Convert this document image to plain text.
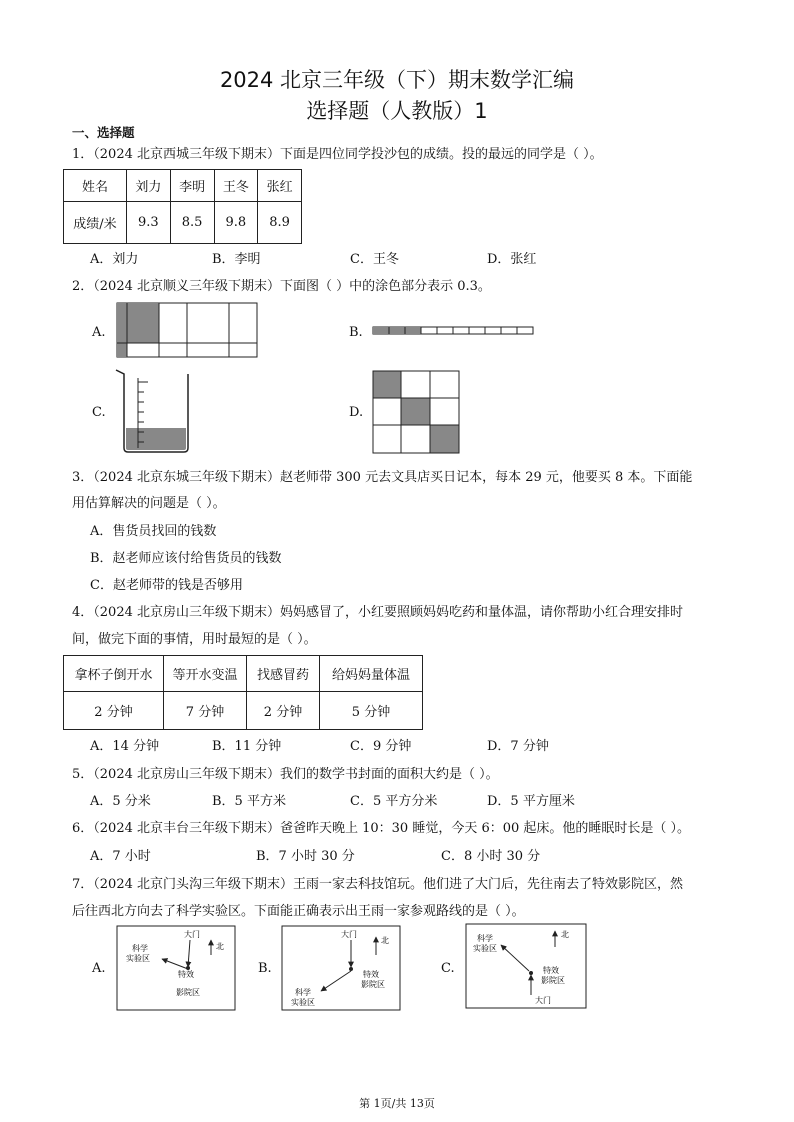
2024 北京三年级（下）期末数学汇编
选择题（人教版）1
一、选择题
1．（2024 北京西城三年级下期末）下面是四位同学投沙包的成绩。投的最远的同学是（ ）。
姓名	刘力	李明	王冬	张红
成绩/米	9.3	8.5	9.8	8.9
A．刘力	B．李明	C．王冬	D．张红
2．（2024 北京顺义三年级下期末）下面图（ ）中的涂色部分表示 0.3。
A.	B.
C.	D.
3．（2024 北京东城三年级下期末）赵老师带 300 元去文具店买日记本，每本 29 元，他要买 8 本。下面能
用估算解决的问题是（ ）。
A．售货员找回的钱数
B．赵老师应该付给售货员的钱数
C．赵老师带的钱是否够用
4．（2024 北京房山三年级下期末）妈妈感冒了，小红要照顾妈妈吃药和量体温，请你帮助小红合理安排时
间，做完下面的事情，用时最短的是（ ）。
拿杯子倒开水	等开水变温	找感冒药	给妈妈量体温
2 分钟	7 分钟	2 分钟	5 分钟
A．14 分钟	B．11 分钟	C．9 分钟	D．7 分钟
5．（2024 北京房山三年级下期末）我们的数学书封面的面积大约是（ ）。
A．5 分米	B．5 平方米	C．5 平方分米	D．5 平方厘米
6．（2024 北京丰台三年级下期末）爸爸昨天晚上 10：30 睡觉，今天 6：00 起床。他的睡眠时长是（ ）。
A．7 小时	B．7 小时 30 分	C．8 小时 30 分
7．（2024 北京门头沟三年级下期末）王雨一家去科技馆玩。他们进了大门后，先往南去了特效影院区，然
后往西北方向去了科学实验区。下面能正确表示出王雨一家参观路线的是（ ）。
A.
大门
北
科学
实验区
特效
影院区
B.
大门
北
特效
影院区
科学
实验区
C.
科学
实验区
北
特效
影院区
大门
第 1页/共 13页
